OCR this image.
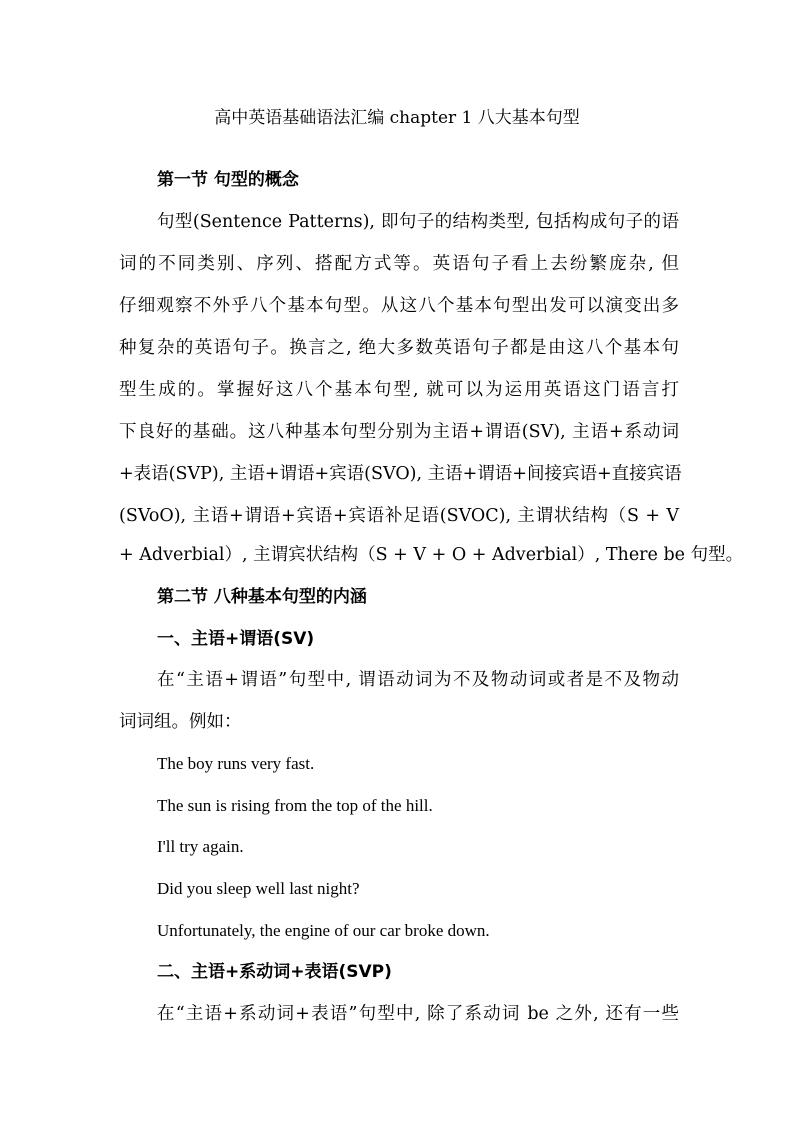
高中英语基础语法汇编 chapter 1 八大基本句型
第一节 句型的概念
句型(Sentence Patterns), 即句子的结构类型, 包括构成句子的语
词的不同类别、序列、搭配方式等。英语句子看上去纷繁庞杂, 但
仔细观察不外乎八个基本句型。从这八个基本句型出发可以演变出多
种复杂的英语句子。换言之, 绝大多数英语句子都是由这八个基本句
型生成的。掌握好这八个基本句型, 就可以为运用英语这门语言打
下良好的基础。这八种基本句型分别为主语+谓语(SV), 主语+系动词
+表语(SVP), 主语+谓语+宾语(SVO), 主语+谓语+间接宾语+直接宾语
(SVoO), 主语+谓语+宾语+宾语补足语(SVOC), 主谓状结构（S + V
+ Adverbial）, 主谓宾状结构（S + V + O + Adverbial）, There be 句型。
第二节 八种基本句型的内涵
一、主语+谓语(SV)
在“主语+谓语”句型中, 谓语动词为不及物动词或者是不及物动
词词组。例如：
The boy runs very fast.
The sun is rising from the top of the hill.
I'll try again.
Did you sleep well last night?
Unfortunately, the engine of our car broke down.
二、主语+系动词+表语(SVP)
在“主语+系动词+表语”句型中, 除了系动词 be 之外, 还有一些
